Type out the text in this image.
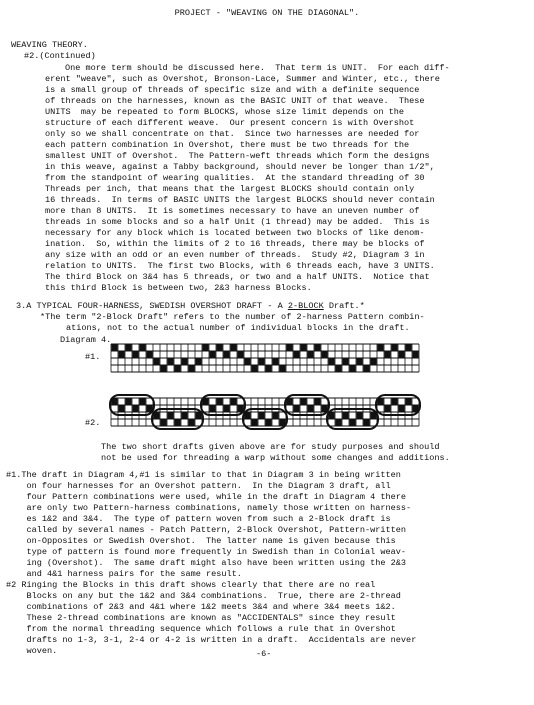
PROJECT - "WEAVING ON THE DIAGONAL".
WEAVING THEORY.
#2.(Continued)
One more term should be discussed here.  That term is UNIT.  For each diff-
erent "weave", such as Overshot, Bronson-Lace, Summer and Winter, etc., there
is a small group of threads of specific size and with a definite sequence
of threads on the harnesses, known as the BASIC UNIT of that weave.  These
UNITS  may be repeated to form BLOCKS, whose size limit depends on the
structure of each different weave.  Our present concern is with Overshot
only so we shall concentrate on that.  Since two harnesses are needed for
each pattern combination in Overshot, there must be two threads for the
smallest UNIT of Overshot.  The Pattern-weft threads which form the designs
in this weave, against a Tabby background, should never be longer than 1/2",
from the standpoint of wearing qualities.  At the standard threading of 30
Threads per inch, that means that the largest BLOCKS should contain only
16 threads.  In terms of BASIC UNITS the largest BLOCKS should never contain
more than 8 UNITS.  It is sometimes necessary to have an uneven number of
threads in some blocks and so a half Unit (1 thread) may be added.  This is
necessary for any block which is located between two blocks of like denom-
ination.  So, within the limits of 2 to 16 threads, there may be blocks of
any size with an odd or an even number of threads.  Study #2, Diagram 3 in
relation to UNITS.  The first two Blocks, with 6 threads each, have 3 UNITS.
The third Block on 3&4 has 5 threads, or two and a half UNITS.  Notice that
this third Block is between two, 2&3 harness Blocks.
3.A TYPICAL FOUR-HARNESS, SWEDISH OVERSHOT DRAFT - A 2-BLOCK Draft.*
*The term "2-Block Draft" refers to the number of 2-harness Pattern combin-
ations, not to the actual number of individual blocks in the draft.
Diagram 4.
#1.
#2.
The two short drafts given above are for study purposes and should
not be used for threading a warp without some changes and additions.
#1.The draft in Diagram 4,#1 is similar to that in Diagram 3 in being written
on four harnesses for an Overshot pattern.  In the Diagram 3 draft, all
four Pattern combinations were used, while in the draft in Diagram 4 there
are only two Pattern-harness combinations, namely those written on harness-
es 1&2 and 3&4.  The type of pattern woven from such a 2-Block draft is
called by several names - Patch Pattern, 2-Block Overshot, Pattern-written
on-Opposites or Swedish Overshot.  The latter name is given because this
type of pattern is found more frequently in Swedish than in Colonial weav-
ing (Overshot).  The same draft might also have been written using the 2&3
and 4&1 harness pairs for the same result.
#2 Ringing the Blocks in this draft shows clearly that there are no real
Blocks on any but the 1&2 and 3&4 combinations.  True, there are 2-thread
combinations of 2&3 and 4&1 where 1&2 meets 3&4 and where 3&4 meets 1&2.
These 2-thread combinations are known as "ACCIDENTALS" since they result
from the normal threading sequence which follows a rule that in Overshot
drafts no 1-3, 3-1, 2-4 or 4-2 is written in a draft.  Accidentals are never
woven.	-6-
